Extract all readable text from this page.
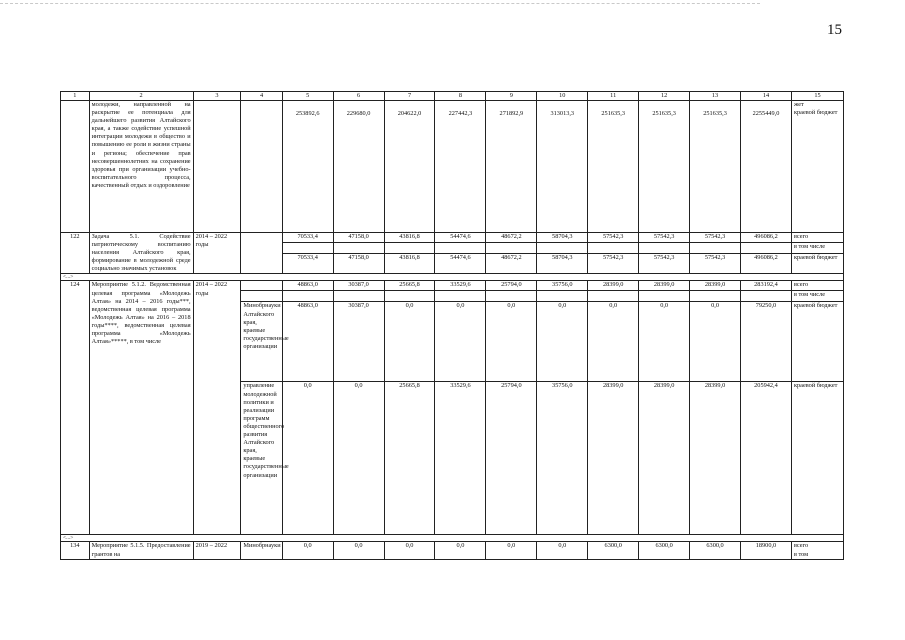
15
1	2	3	4	5	6	7	8	9	10	11	12	13	14	15
	молодежи, направленной на раскрытие ее потенциала для дальнейшего развития Алтайского края, а также содействие успешной интеграции молодежи в общество и повышению ее роли в жизни страны и региона; обеспечение прав несовершеннолетних на сохранение здоровья при организации учебно-воспитательного процесса, качественный отдых и оздоровление			253892,6	229680,0	204622,0	227442,3	271892,9	313013,3	251635,3	251635,3	251635,3	2255449,0	жет
краевой бюджет
122	Задача 5.1. Содействие патриотическому воспитанию населения Алтайского края, формирование в молодежной среде социально значимых установок	2014 – 2022 годы		70533,4	47158,0	43816,8	54474,6	48672,2	58704,3	57542,3	57542,3	57542,3	496086,2	всего
														в том числе
				70533,4	47158,0	43816,8	54474,6	48672,2	58704,3	57542,3	57542,3	57542,3	496086,2	краевой бюджет
<...>														
124	Мероприятие 5.1.2. Ведомственная целевая программа «Молодежь Алтая» на 2014 – 2016 годы***, ведомственная целевая программа «Молодежь Алтая» на 2016 – 2018 годы****, ведомственная целевая программа «Молодежь Алтая»*****, в том числе	2014 – 2022 годы		48863,0	30387,0	25665,8	33529,6	25794,0	35756,0	28399,0	28399,0	28399,0	283192,4	всего
														в том числе
			Минобрнауки Алтайского края, краевые государственные организации	48863,0	30387,0	0,0	0,0	0,0	0,0	0,0	0,0	0,0	79250,0	краевой бюджет
			управление молодежной политики и реализации программ общественного развития Алтайского края, краевые государственные организации	0,0	0,0	25665,8	33529,6	25794,0	35756,0	28399,0	28399,0	28399,0	205942,4	краевой бюджет
<...>														
134	Мероприятие 5.1.5. Предоставление грантов на	2019 – 2022	Минобрнауки	0,0	0,0	0,0	0,0	0,0	0,0	6300,0	6300,0	6300,0	18900,0	всего
в том
